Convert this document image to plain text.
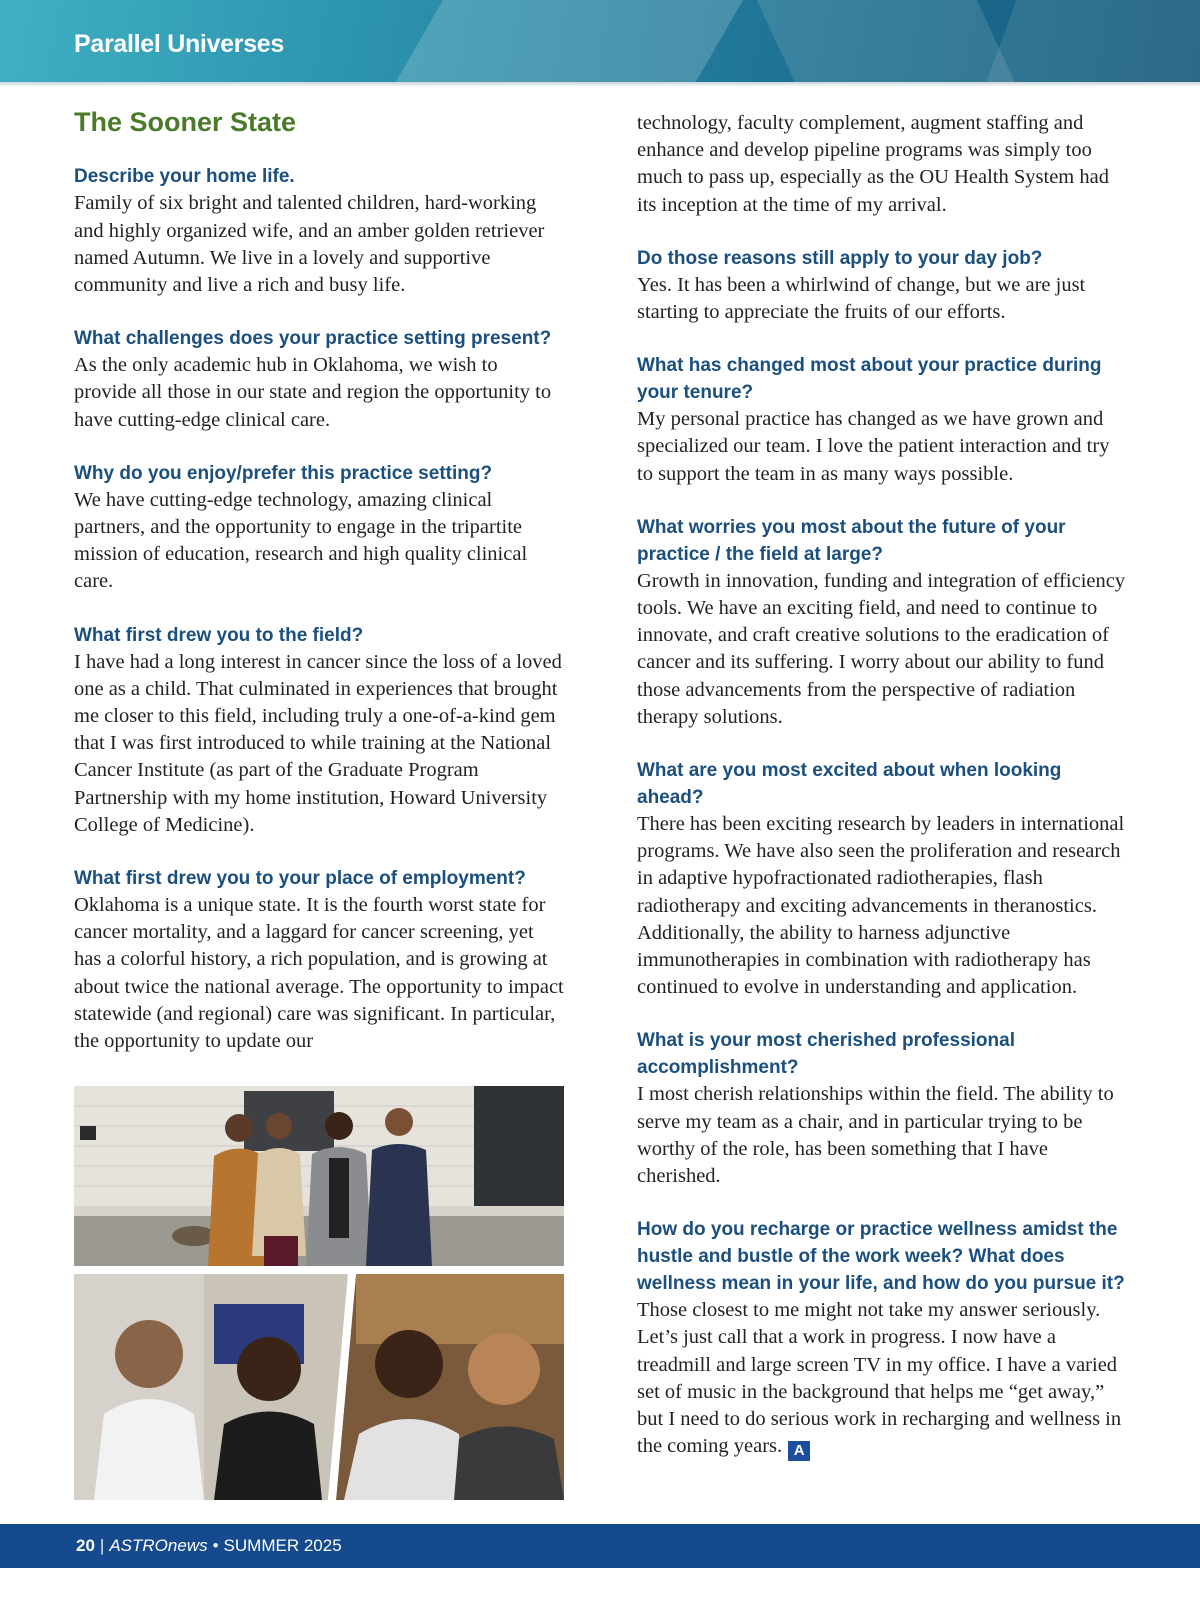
Parallel Universes
The Sooner State
Describe your home life.
Family of six bright and talented children, hard-working and highly organized wife, and an amber golden retriever named Autumn. We live in a lovely and supportive community and live a rich and busy life.
What challenges does your practice setting present?
As the only academic hub in Oklahoma, we wish to provide all those in our state and region the opportunity to have cutting-edge clinical care.
Why do you enjoy/prefer this practice setting?
We have cutting-edge technology, amazing clinical partners, and the opportunity to engage in the tripartite mission of education, research and high quality clinical care.
What first drew you to the field?
I have had a long interest in cancer since the loss of a loved one as a child. That culminated in experiences that brought me closer to this field, including truly a one-of-a-kind gem that I was first introduced to while training at the National Cancer Institute (as part of the Graduate Program Partnership with my home institution, Howard University College of Medicine).
What first drew you to your place of employment?
Oklahoma is a unique state. It is the fourth worst state for cancer mortality, and a laggard for cancer screening, yet has a colorful history, a rich population, and is growing at about twice the national average. The opportunity to impact statewide (and regional) care was significant. In particular, the opportunity to update our
technology, faculty complement, augment staffing and enhance and develop pipeline programs was simply too much to pass up, especially as the OU Health System had its inception at the time of my arrival.
Do those reasons still apply to your day job?
Yes. It has been a whirlwind of change, but we are just starting to appreciate the fruits of our efforts.
What has changed most about your practice during your tenure?
My personal practice has changed as we have grown and specialized our team. I love the patient interaction and try to support the team in as many ways possible.
What worries you most about the future of your practice / the field at large?
Growth in innovation, funding and integration of efficiency tools. We have an exciting field, and need to continue to innovate, and craft creative solutions to the eradication of cancer and its suffering. I worry about our ability to fund those advancements from the perspective of radiation therapy solutions.
What are you most excited about when looking ahead?
There has been exciting research by leaders in international programs. We have also seen the proliferation and research in adaptive hypofractionated radiotherapies, flash radiotherapy and exciting advancements in theranostics. Additionally, the ability to harness adjunctive immunotherapies in combination with radiotherapy has continued to evolve in understanding and application.
What is your most cherished professional accomplishment?
I most cherish relationships within the field. The ability to serve my team as a chair, and in particular trying to be worthy of the role, has been something that I have cherished.
How do you recharge or practice wellness amidst the hustle and bustle of the work week? What does wellness mean in your life, and how do you pursue it?
Those closest to me might not take my answer seriously. Let’s just call that a work in progress. I now have a treadmill and large screen TV in my office. I have a varied set of music in the background that helps me “get away,” but I need to do serious work in recharging and wellness in the coming years. A
20 | ASTROnews • SUMMER 2025
